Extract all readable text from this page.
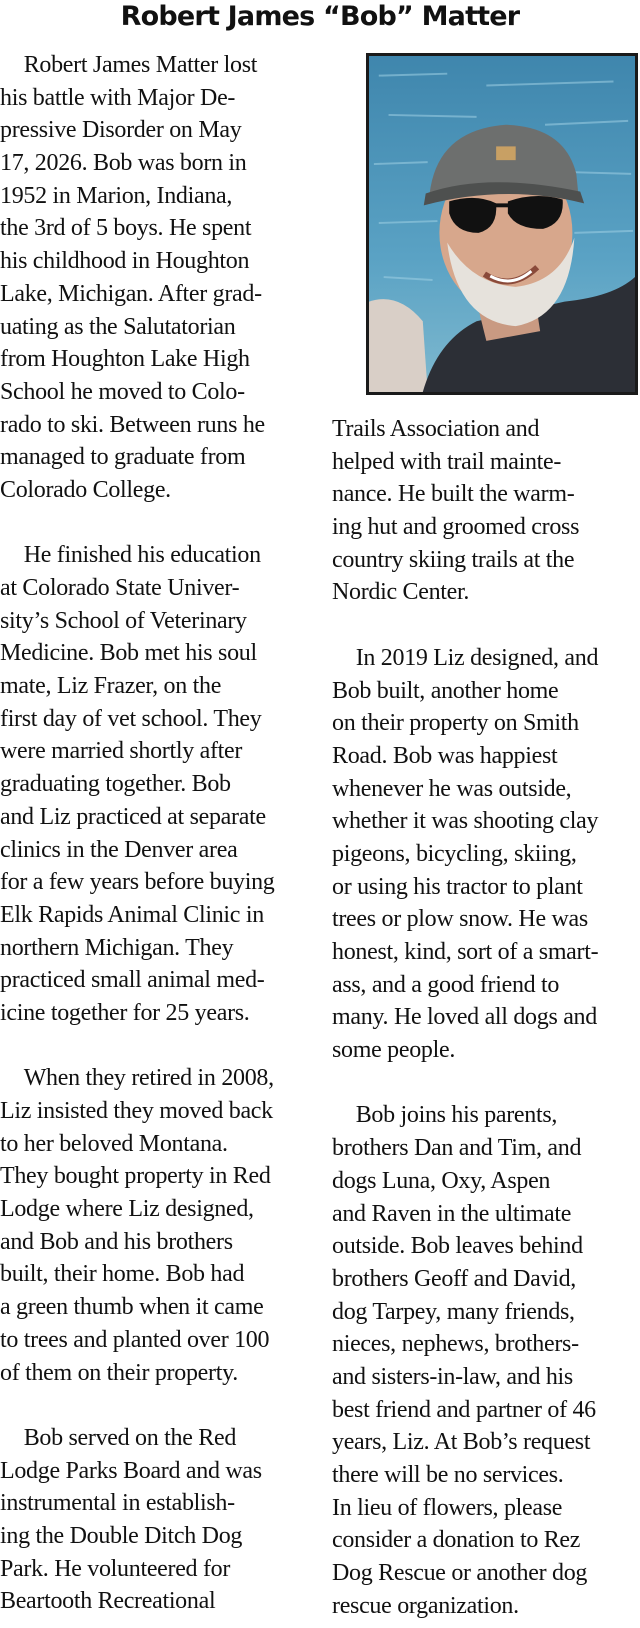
Robert James “Bob” Matter
 Robert James Matter lost
his battle with Major De-
pressive Disorder on May
17, 2026. Bob was born in
1952 in Marion, Indiana,
the 3rd of 5 boys. He spent
his childhood in Houghton
Lake, Michigan. After grad-
uating as the Salutatorian
from Houghton Lake High
School he moved to Colo-
rado to ski. Between runs he
managed to graduate from
Colorado College.
 He finished his education
at Colorado State Univer-
sity’s School of Veterinary
Medicine. Bob met his soul
mate, Liz Frazer, on the
first day of vet school. They
were married shortly after
graduating together. Bob
and Liz practiced at separate
clinics in the Denver area
for a few years before buying
Elk Rapids Animal Clinic in
northern Michigan. They
practiced small animal med-
icine together for 25 years.
 When they retired in 2008,
Liz insisted they moved back
to her beloved Montana.
They bought property in Red
Lodge where Liz designed,
and Bob and his brothers
built, their home. Bob had
a green thumb when it came
to trees and planted over 100
of them on their property.
 Bob served on the Red
Lodge Parks Board and was
instrumental in establish-
ing the Double Ditch Dog
Park. He volunteered for
Beartooth Recreational
Trails Association and
helped with trail mainte-
nance. He built the warm-
ing hut and groomed cross
country skiing trails at the
Nordic Center.
 In 2019 Liz designed, and
Bob built, another home
on their property on Smith
Road. Bob was happiest
whenever he was outside,
whether it was shooting clay
pigeons, bicycling, skiing,
or using his tractor to plant
trees or plow snow. He was
honest, kind, sort of a smart-
ass, and a good friend to
many. He loved all dogs and
some people.
 Bob joins his parents,
brothers Dan and Tim, and
dogs Luna, Oxy, Aspen
and Raven in the ultimate
outside. Bob leaves behind
brothers Geoff and David,
dog Tarpey, many friends,
nieces, nephews, brothers-
and sisters-in-law, and his
best friend and partner of 46
years, Liz. At Bob’s request
there will be no services.
In lieu of flowers, please
consider a donation to Rez
Dog Rescue or another dog
rescue organization.
